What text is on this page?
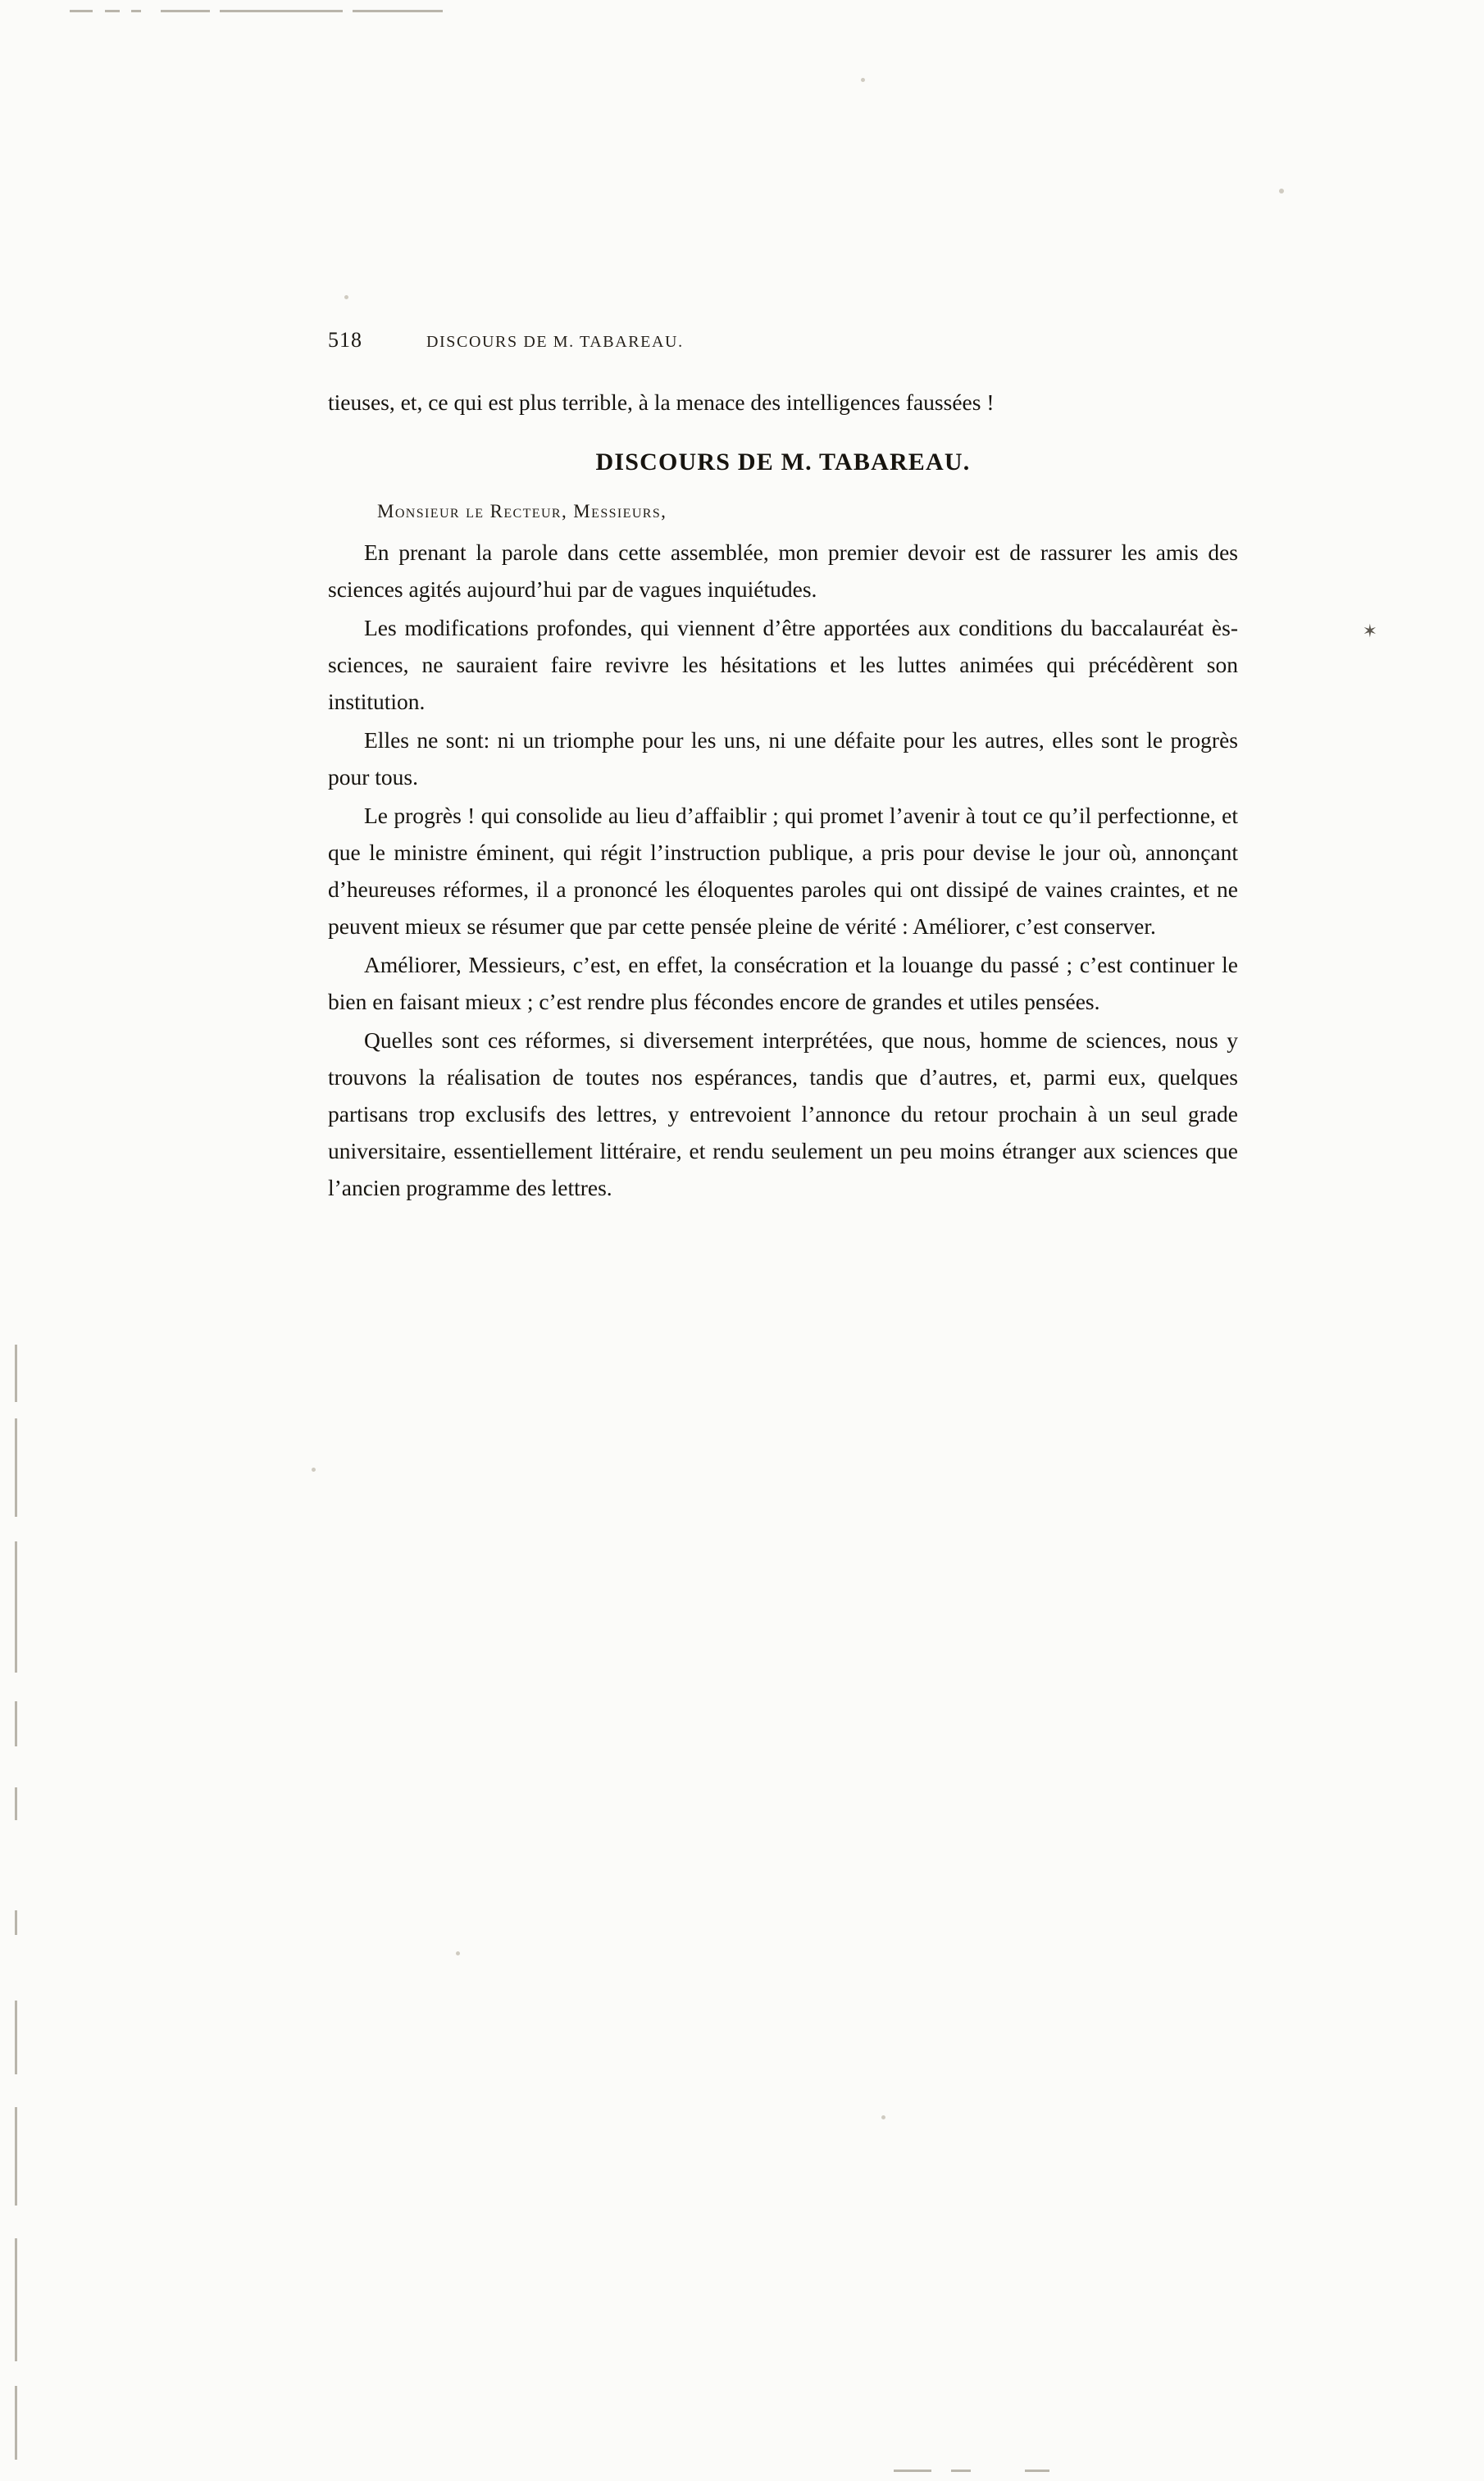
✶
518	DISCOURS DE M. TABAREAU.

tieuses, et, ce qui est plus terrible, à la menace des intelligences faussées !

DISCOURS DE M. TABAREAU.

Monsieur le Recteur, Messieurs,

En prenant la parole dans cette assemblée, mon premier devoir est de rassurer les amis des sciences agités aujourd’hui par de vagues inquiétudes.

Les modifications profondes, qui viennent d’être apportées aux conditions du baccalauréat ès-sciences, ne sauraient faire revivre les hésitations et les luttes animées qui précédèrent son institution.

Elles ne sont: ni un triomphe pour les uns, ni une défaite pour les autres, elles sont le progrès pour tous.

Le progrès ! qui consolide au lieu d’affaiblir ; qui promet l’avenir à tout ce qu’il perfectionne, et que le ministre éminent, qui régit l’instruction publique, a pris pour devise le jour où, annonçant d’heureuses réformes, il a prononcé les éloquentes paroles qui ont dissipé de vaines craintes, et ne peuvent mieux se résumer que par cette pensée pleine de vérité : Améliorer, c’est conserver.

Améliorer, Messieurs, c’est, en effet, la consécration et la louange du passé ; c’est continuer le bien en faisant mieux ; c’est rendre plus fécondes encore de grandes et utiles pensées.

Quelles sont ces réformes, si diversement interprétées, que nous, homme de sciences, nous y trouvons la réalisation de toutes nos espérances, tandis que d’autres, et, parmi eux, quelques partisans trop exclusifs des lettres, y entrevoient l’annonce du retour prochain à un seul grade universitaire, essentiellement littéraire, et rendu seulement un peu moins étranger aux sciences que l’ancien programme des lettres.
